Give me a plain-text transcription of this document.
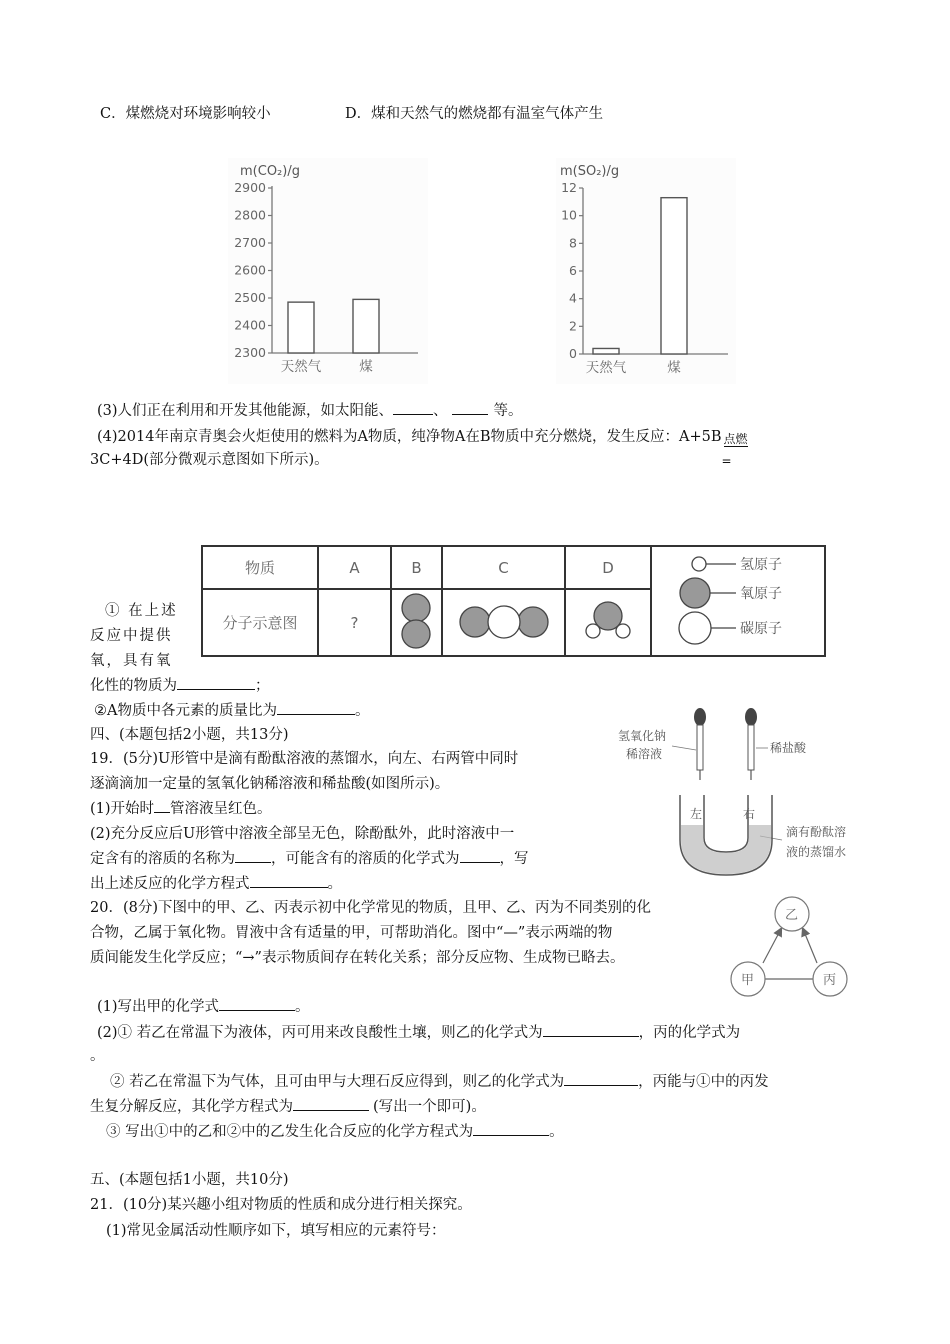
C．煤燃烧对环境影响较小	D．煤和天然气的燃烧都有温室气体产生
m(CO₂)/g
2900
2800
2700
2600
2500
2400
2300
天然气	煤
m(SO₂)/g
12
10
8
6
4
2
0
天然气	煤
(3)人们正在利用和开发其他能源，如太阳能、	、	等。
(4)2014年南京青奥会火炬使用的燃料为A物质，纯净物A在B物质中充分燃烧，发生反应：A+5B 点燃
=
3C+4D(部分微观示意图如下所示)。
物质	A	B	C	D
分子示意图	?
氢原子
氧原子
碳原子
① 在上述
反应中提供
氧，具有氧
化性的物质为	；
②A物质中各元素的质量比为	。
四、(本题包括2小题，共13分)
19．(5分)U形管中是滴有酚酞溶液的蒸馏水，向左、右两管中同时
逐滴滴加一定量的氢氧化钠稀溶液和稀盐酸(如图所示)。
(1)开始时 管溶液呈红色。
(2)充分反应后U形管中溶液全部呈无色，除酚酞外，此时溶液中一
定含有的溶质的名称为 ，可能含有的溶质的化学式为	，写
出上述反应的化学方程式	。
氢氧化钠
稀溶液	稀盐酸
滴有酚酞溶
液的蒸馏水
左	右
20．(8分)下图中的甲、乙、丙表示初中化学常见的物质，且甲、乙、丙为不同类别的化
合物，乙属于氧化物。胃液中含有适量的甲，可帮助消化。图中“—”表示两端的物
质间能发生化学反应；“→”表示物质间存在转化关系；部分反应物、生成物已略去。
乙
甲	丙
(1)写出甲的化学式	。
(2)① 若乙在常温下为液体，丙可用来改良酸性土壤，则乙的化学式为	，丙的化学式为
。
② 若乙在常温下为气体，且可由甲与大理石反应得到，则乙的化学式为	，丙能与①中的丙发
生复分解反应，其化学方程式为	(写出一个即可)。
③ 写出①中的乙和②中的乙发生化合反应的化学方程式为	。
五、(本题包括1小题，共10分)
21．(10分)某兴趣小组对物质的性质和成分进行相关探究。
(1)常见金属活动性顺序如下，填写相应的元素符号：
